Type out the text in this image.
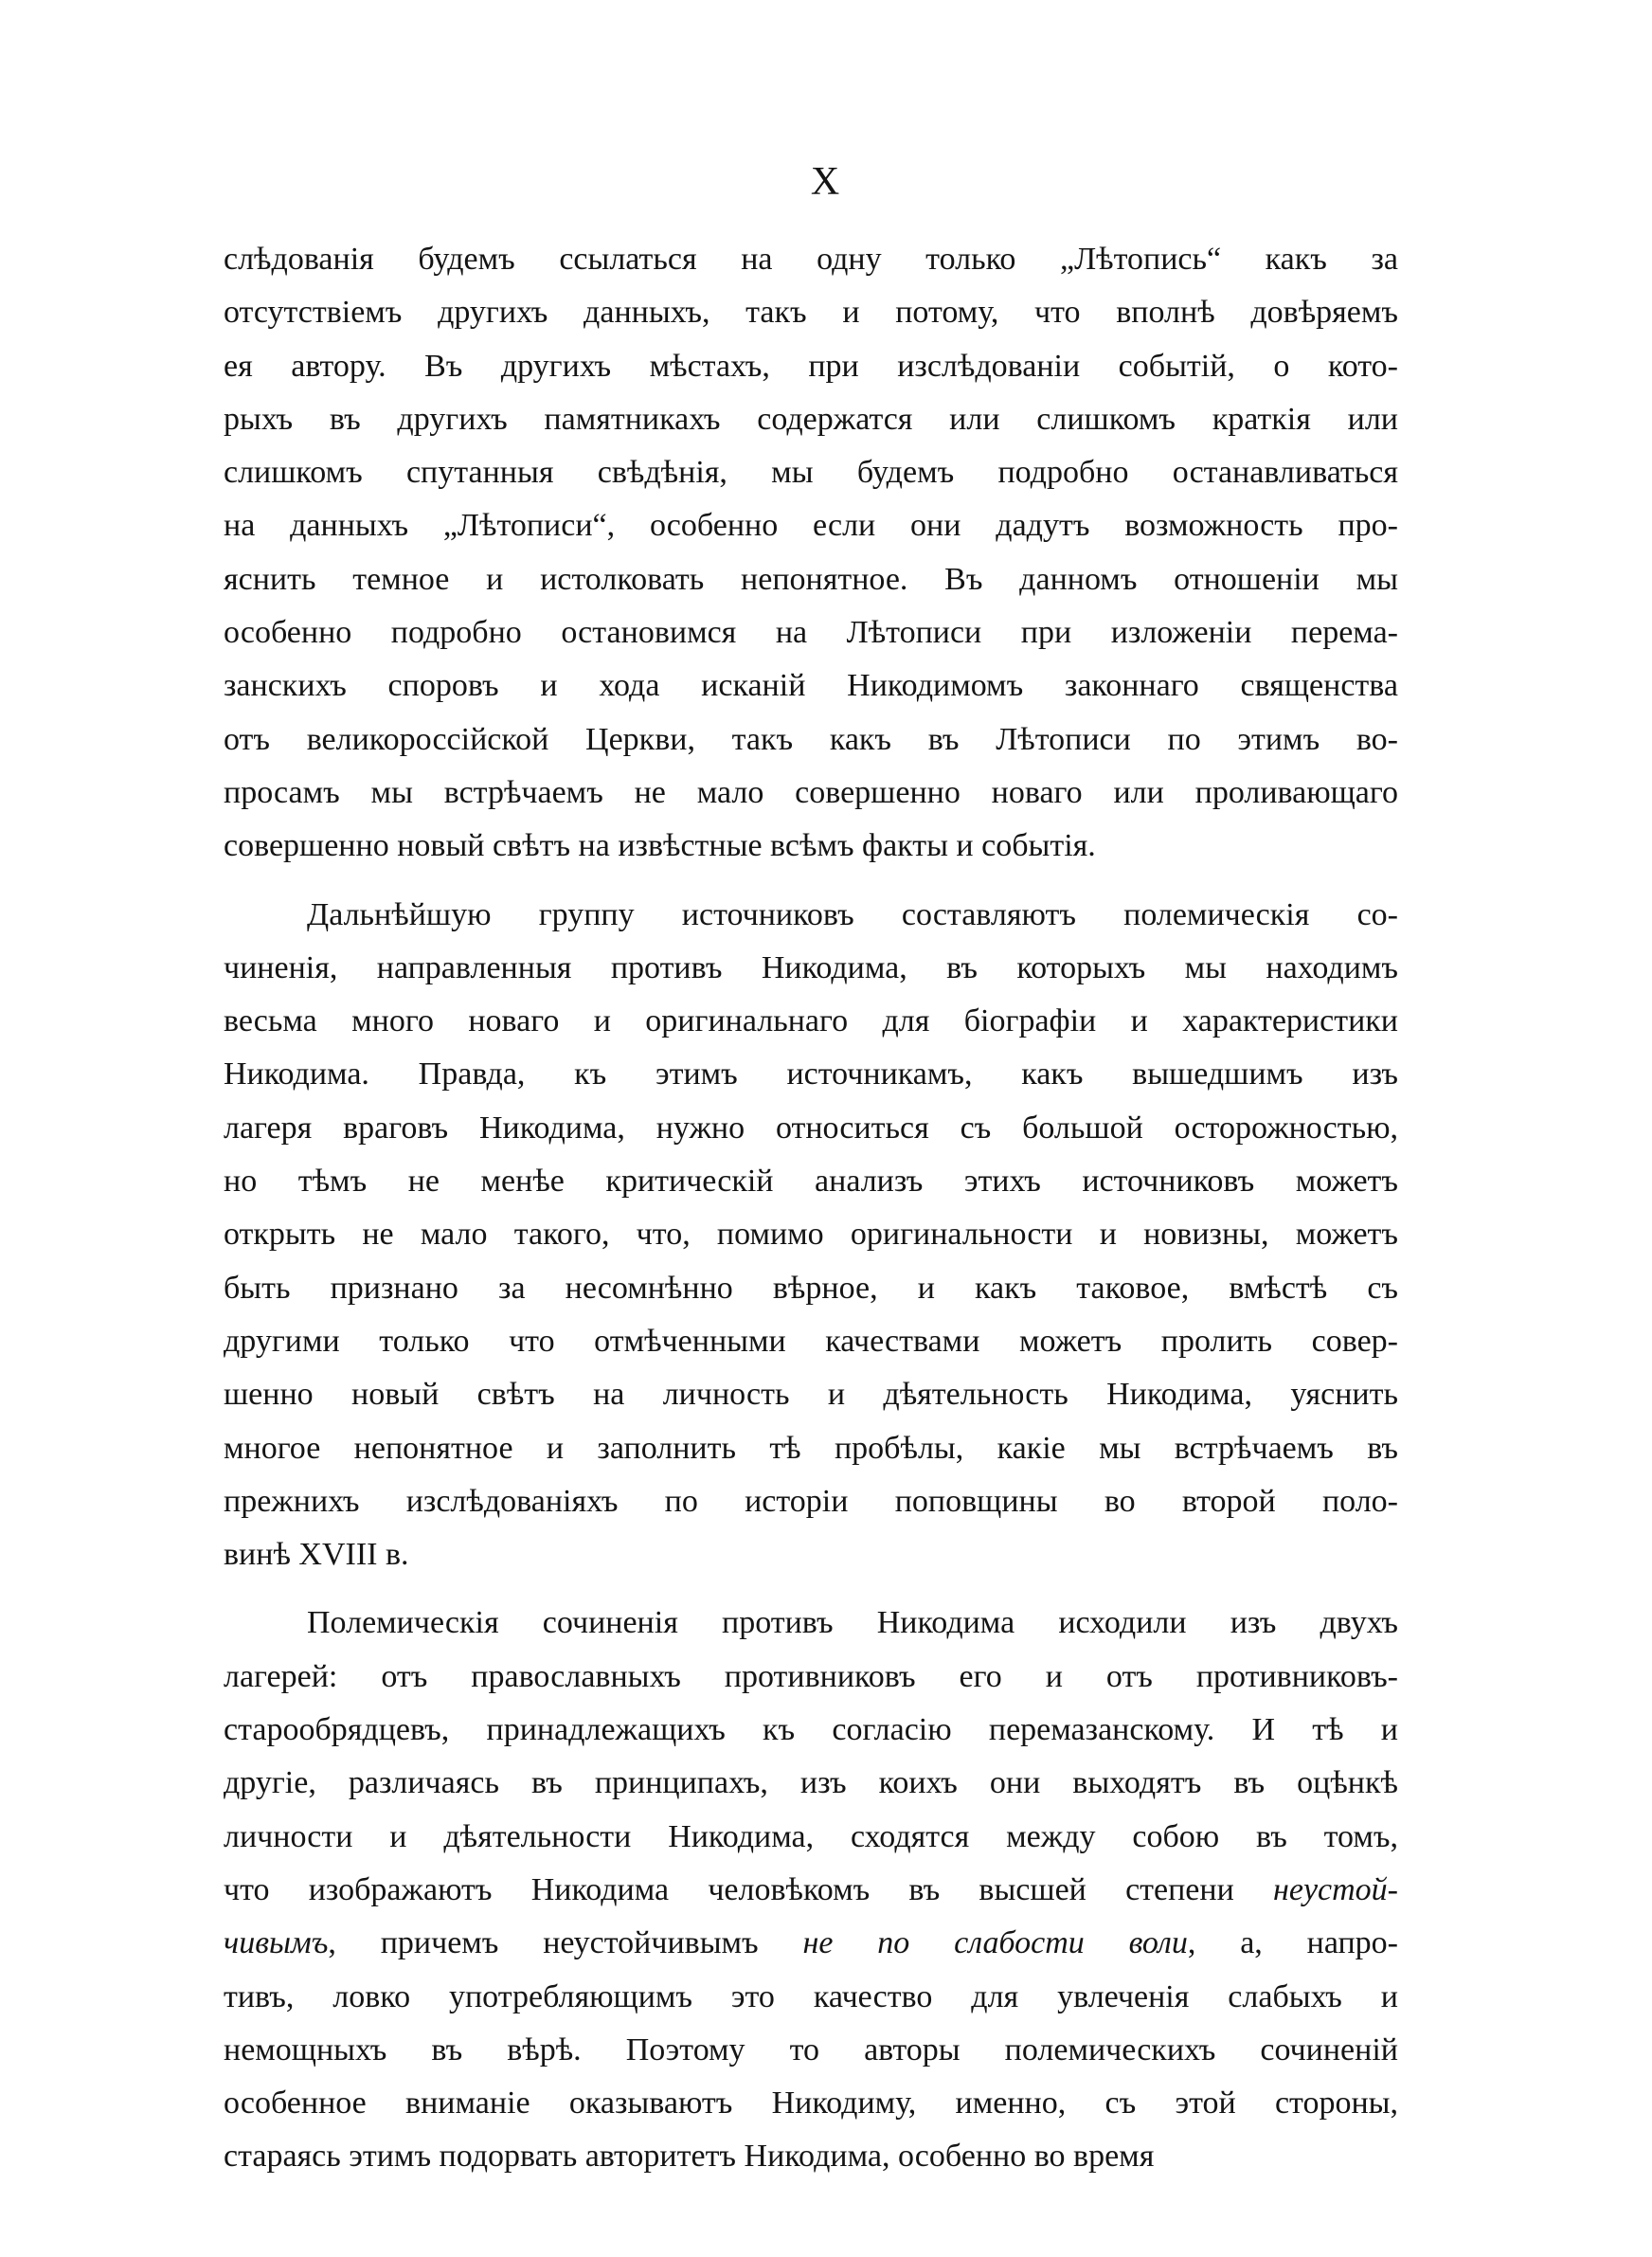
X
слѣдованія будемъ ссылаться на одну только „Лѣтопись“ какъ за
отсутствіемъ другихъ данныхъ, такъ и потому, что вполнѣ довѣряемъ
ея автору. Въ другихъ мѣстахъ, при изслѣдованіи событій, о кото-
рыхъ въ другихъ памятникахъ содержатся или слишкомъ краткія или
слишкомъ спутанныя свѣдѣнія, мы будемъ подробно останавливаться
на данныхъ „Лѣтописи“, особенно если они дадутъ возможность про-
яснить темное и истолковать непонятное. Въ данномъ отношеніи мы
особенно подробно остановимся на Лѣтописи при изложеніи перема-
занскихъ споровъ и хода исканій Никодимомъ законнаго священства
отъ великороссійской Церкви, такъ какъ въ Лѣтописи по этимъ во-
просамъ мы встрѣчаемъ не мало совершенно новаго или проливающаго
совершенно новый свѣтъ на извѣстные всѣмъ факты и событія.
Дальнѣйшую группу источниковъ составляютъ полемическія со-
чиненія, направленныя противъ Никодима, въ которыхъ мы находимъ
весьма много новаго и оригинальнаго для біографіи и характеристики
Никодима. Правда, къ этимъ источникамъ, какъ вышедшимъ изъ
лагеря враговъ Никодима, нужно относиться съ большой осторожностью,
но тѣмъ не менѣе критическій анализъ этихъ источниковъ можетъ
открыть не мало такого, что, помимо оригинальности и новизны, можетъ
быть признано за несомнѣнно вѣрное, и какъ таковое, вмѣстѣ съ
другими только что отмѣченными качествами можетъ пролить совер-
шенно новый свѣтъ на личность и дѣятельность Никодима, уяснить
многое непонятное и заполнить тѣ пробѣлы, какіе мы встрѣчаемъ въ
прежнихъ изслѣдованіяхъ по исторіи поповщины во второй поло-
винѣ XVIII в.
Полемическія сочиненія противъ Никодима исходили изъ двухъ
лагерей: отъ православныхъ противниковъ его и отъ противниковъ-
старообрядцевъ, принадлежащихъ къ согласію перемазанскому. И тѣ и
другіе, различаясь въ принципахъ, изъ коихъ они выходятъ въ оцѣнкѣ
личности и дѣятельности Никодима, сходятся между собою въ томъ,
что изображаютъ Никодима человѣкомъ въ высшей степени неустой-
чивымъ, причемъ неустойчивымъ не по слабости воли, а, напро-
тивъ, ловко употребляющимъ это качество для увлеченія слабыхъ и
немощныхъ въ вѣрѣ. Поэтому то авторы полемическихъ сочиненій
особенное вниманіе оказываютъ Никодиму, именно, съ этой стороны,
стараясь этимъ подорвать авторитетъ Никодима, особенно во время
